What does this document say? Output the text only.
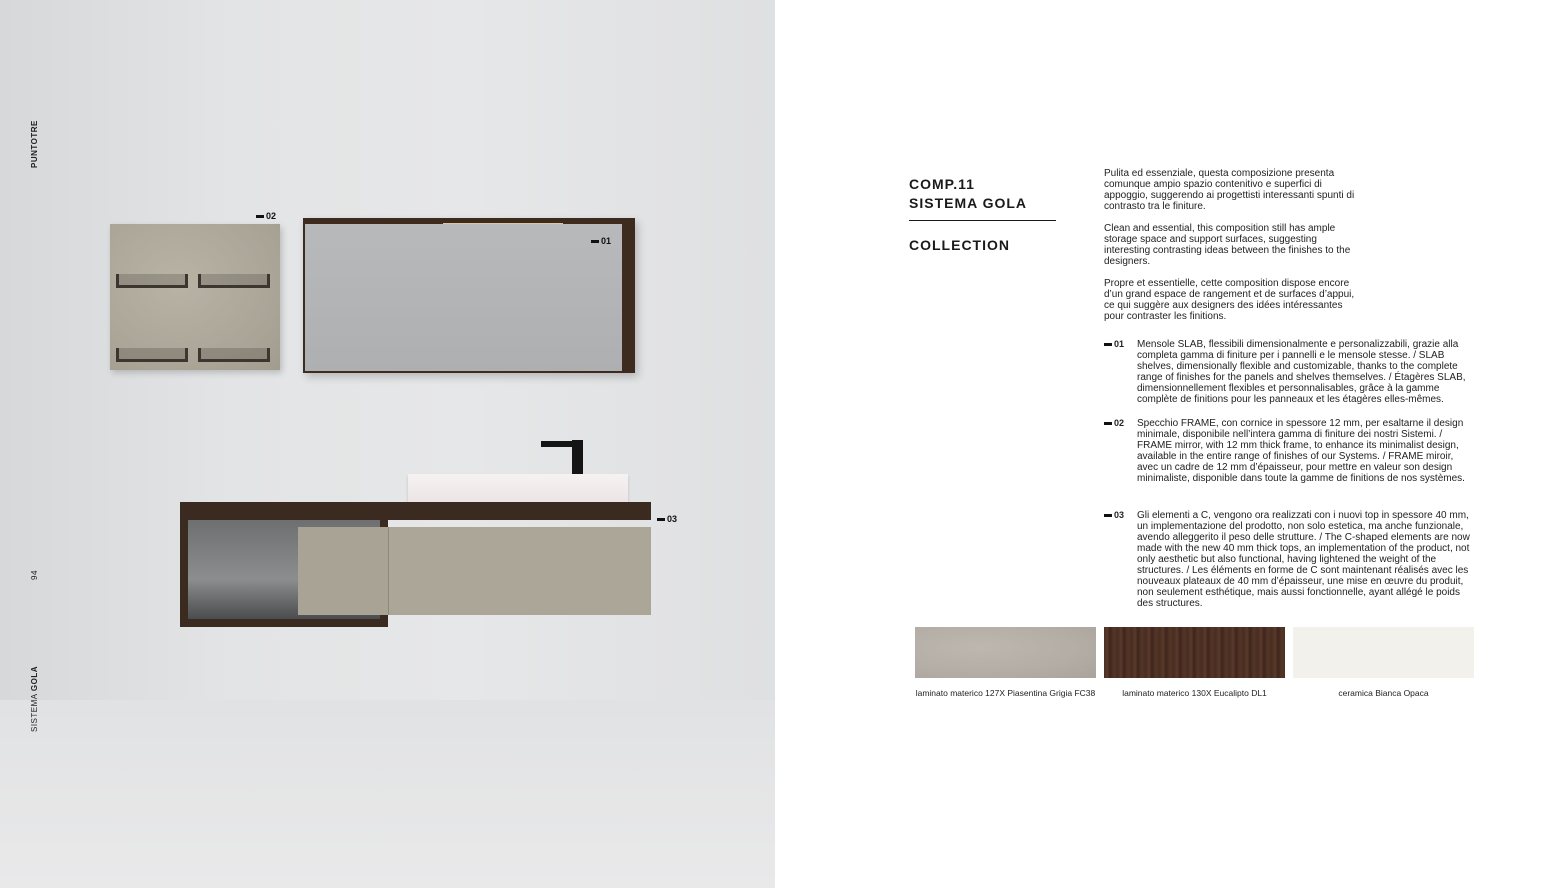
PUNTOTRE
94
SISTEMA GOLA
02
01
03
COMP.11
SISTEMA GOLA
COLLECTION
Pulita ed essenziale, questa composizione presenta comunque ampio spazio contenitivo e superfici di appoggio, suggerendo ai progettisti interessanti spunti di contrasto tra le finiture.
Clean and essential, this composition still has ample storage space and support surfaces, suggesting interesting contrasting ideas between the finishes to the designers.
Propre et essentielle, cette composition dispose encore d’un grand espace de rangement et de surfaces d’appui, ce qui suggère aux designers des idées intéressantes pour contraster les finitions.
01 Mensole SLAB, flessibili dimensionalmente e personalizzabili, grazie alla completa gamma di finiture per i pannelli e le mensole stesse. / SLAB shelves, dimensionally flexible and customizable, thanks to the complete range of finishes for the panels and shelves themselves. / Étagères SLAB, dimensionnellement flexibles et personnalisables, grâce à la gamme complète de finitions pour les panneaux et les étagères elles-mêmes.
02 Specchio FRAME, con cornice in spessore 12 mm, per esaltarne il design minimale, disponibile nell’intera gamma di finiture dei nostri Sistemi. / FRAME mirror, with 12 mm thick frame, to enhance its minimalist design, available in the entire range of finishes of our Systems. / FRAME miroir, avec un cadre de 12 mm d’épaisseur, pour mettre en valeur son design minimaliste, disponible dans toute la gamme de finitions de nos systèmes.
03 Gli elementi a C, vengono ora realizzati con i nuovi top in spessore 40 mm, un implementazione del prodotto, non solo estetica, ma anche funzionale, avendo alleggerito il peso delle strutture. / The C-shaped elements are now made with the new 40 mm thick tops, an implementation of the product, not only aesthetic but also functional, having lightened the weight of the structures. / Les éléments en forme de C sont maintenant réalisés avec les nouveaux plateaux de 40 mm d’épaisseur, une mise en œuvre du produit, non seulement esthétique, mais aussi fonctionnelle, ayant allégé le poids des structures.
laminato materico 127X Piasentina Grigia FC38	laminato materico 130X Eucalipto DL1	ceramica Bianca Opaca
